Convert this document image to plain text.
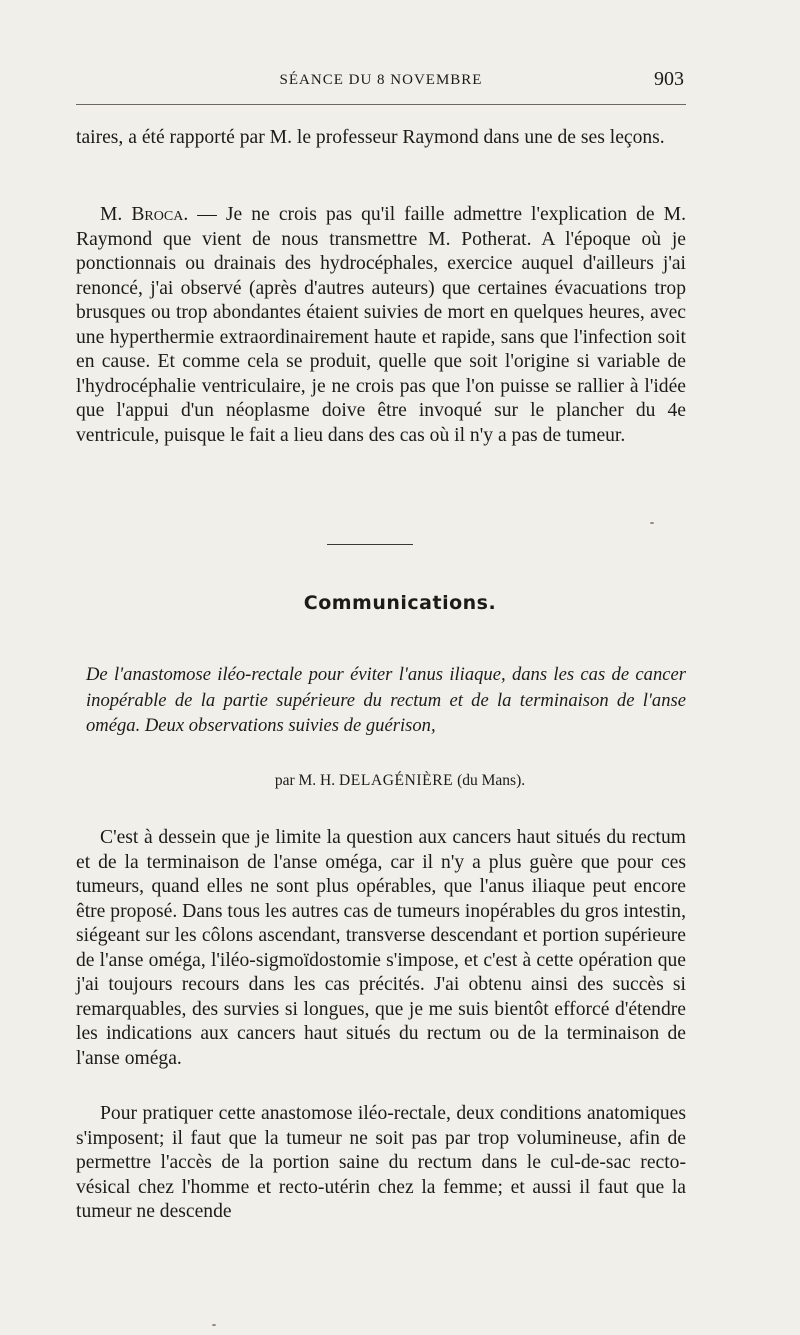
SÉANCE DU 8 NOVEMBRE	903

taires, a été rapporté par M. le professeur Raymond dans une de ses leçons.

M. Broca. — Je ne crois pas qu'il faille admettre l'explication de M. Raymond que vient de nous transmettre M. Potherat. A l'époque où je ponctionnais ou drainais des hydrocéphales, exercice auquel d'ailleurs j'ai renoncé, j'ai observé (après d'autres auteurs) que certaines évacuations trop brusques ou trop abondantes étaient suivies de mort en quelques heures, avec une hyperthermie extraordinairement haute et rapide, sans que l'infection soit en cause. Et comme cela se produit, quelle que soit l'origine si variable de l'hydrocéphalie ventriculaire, je ne crois pas que l'on puisse se rallier à l'idée que l'appui d'un néoplasme doive être invoqué sur le plancher du 4e ventricule, puisque le fait a lieu dans des cas où il n'y a pas de tumeur.

Communications.

De l'anastomose iléo-rectale pour éviter l'anus iliaque, dans les cas de cancer inopérable de la partie supérieure du rectum et de la terminaison de l'anse oméga. Deux observations suivies de guérison,

par M. H. DELAGÉNIÈRE (du Mans).

C'est à dessein que je limite la question aux cancers haut situés du rectum et de la terminaison de l'anse oméga, car il n'y a plus guère que pour ces tumeurs, quand elles ne sont plus opérables, que l'anus iliaque peut encore être proposé. Dans tous les autres cas de tumeurs inopérables du gros intestin, siégeant sur les côlons ascendant, transverse descendant et portion supérieure de l'anse oméga, l'iléo-sigmoïdostomie s'impose, et c'est à cette opération que j'ai toujours recours dans les cas précités. J'ai obtenu ainsi des succès si remarquables, des survies si longues, que je me suis bientôt efforcé d'étendre les indications aux cancers haut situés du rectum ou de la terminaison de l'anse oméga.

Pour pratiquer cette anastomose iléo-rectale, deux conditions anatomiques s'imposent; il faut que la tumeur ne soit pas par trop volumineuse, afin de permettre l'accès de la portion saine du rectum dans le cul-de-sac recto-vésical chez l'homme et recto-utérin chez la femme; et aussi il faut que la tumeur ne descende
